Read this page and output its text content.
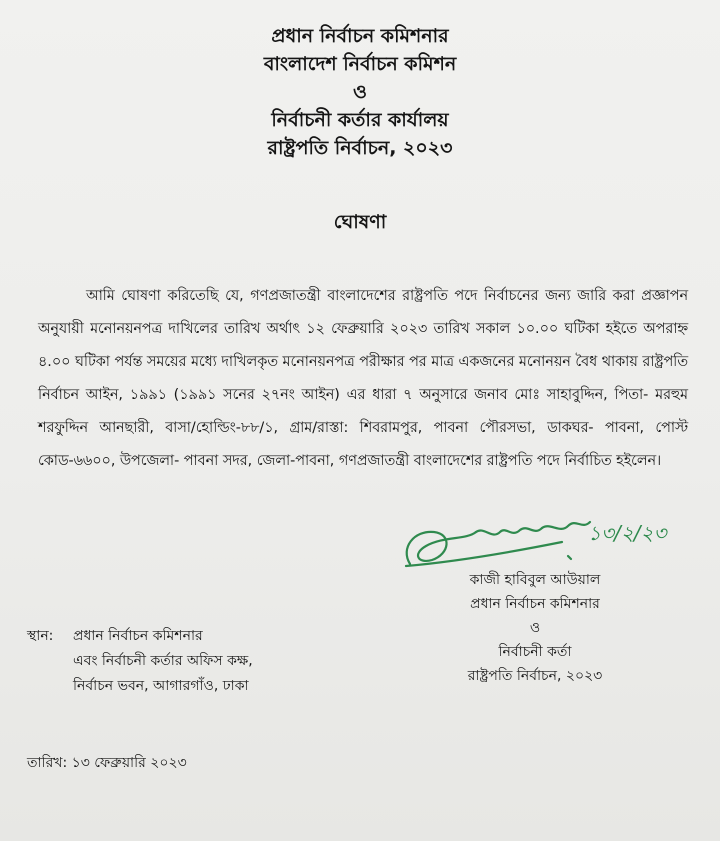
প্রধান নির্বাচন কমিশনার
বাংলাদেশ নির্বাচন কমিশন
ও
নির্বাচনী কর্তার কার্যালয়
রাষ্ট্রপতি নির্বাচন, ২০২৩
ঘোষণা
আমি ঘোষণা করিতেছি যে, গণপ্রজাতন্ত্রী বাংলাদেশের রাষ্ট্রপতি পদে নির্বাচনের জন্য জারি করা প্রজ্ঞাপন অনুযায়ী মনোনয়নপত্র দাখিলের তারিখ অর্থাৎ ১২ ফেব্রুয়ারি ২০২৩ তারিখ সকাল ১০.০০ ঘটিকা হইতে অপরাহ্ন ৪.০০ ঘটিকা পর্যন্ত সময়ের মধ্যে দাখিলকৃত মনোনয়নপত্র পরীক্ষার পর মাত্র একজনের মনোনয়ন বৈধ থাকায় রাষ্ট্রপতি নির্বাচন আইন, ১৯৯১ (১৯৯১ সনের ২৭নং আইন) এর ধারা ৭ অনুসারে জনাব মোঃ সাহাবুদ্দিন, পিতা- মরহুম শরফুদ্দিন আনছারী, বাসা/হোল্ডিং-৮৮/১, গ্রাম/রাস্তা: শিবরামপুর, পাবনা পৌরসভা, ডাকঘর- পাবনা, পোস্ট কোড-৬৬০০, উপজেলা- পাবনা সদর, জেলা-পাবনা, গণপ্রজাতন্ত্রী বাংলাদেশের রাষ্ট্রপতি পদে নির্বাচিত হইলেন।
১৩/২/২৩
কাজী হাবিবুল আউয়াল
প্রধান নির্বাচন কমিশনার
ও
নির্বাচনী কর্তা
রাষ্ট্রপতি নির্বাচন, ২০২৩
স্থান: প্রধান নির্বাচন কমিশনার
এবং নির্বাচনী কর্তার অফিস কক্ষ,
নির্বাচন ভবন, আগারগাঁও, ঢাকা
তারিখ: ১৩ ফেব্রুয়ারি ২০২৩
